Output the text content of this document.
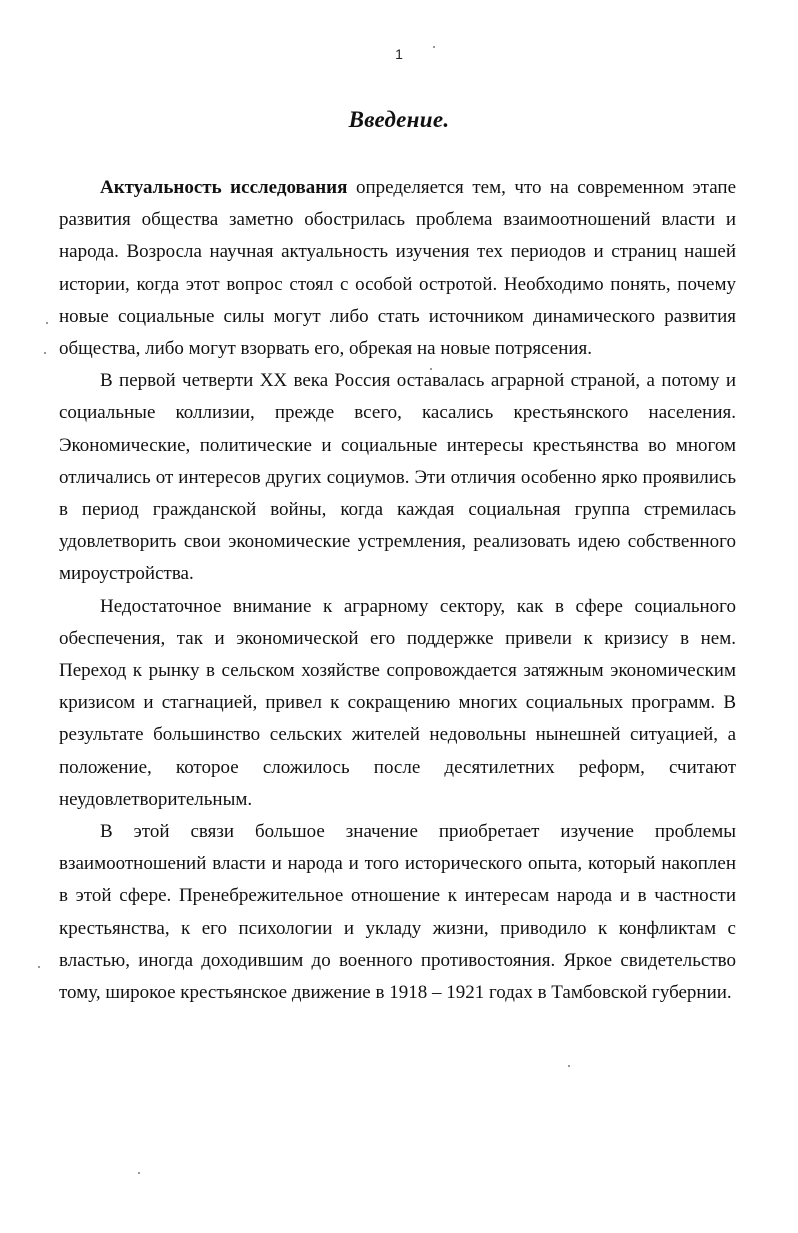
1
Введение.

Актуальность исследования определяется тем, что на современном этапе развития общества заметно обострилась проблема взаимоотношений власти и народа. Возросла научная актуальность изучения тех периодов и страниц нашей истории, когда этот вопрос стоял с особой остротой. Необходимо понять, почему новые социальные силы могут либо стать источником динамического развития общества, либо могут взорвать его, обрекая на новые потрясения.

В первой четверти XX века Россия оставалась аграрной страной, а потому и социальные коллизии, прежде всего, касались крестьянского населения. Экономические, политические и социальные интересы крестьянства во многом отличались от интересов других социумов. Эти отличия особенно ярко проявились в период гражданской войны, когда каждая социальная группа стремилась удовлетворить свои экономические устремления, реализовать идею собственного мироустройства.

Недостаточное внимание к аграрному сектору, как в сфере социального обеспечения, так и экономической его поддержке привели к кризису в нем. Переход к рынку в сельском хозяйстве сопровождается затяжным экономическим кризисом и стагнацией, привел к сокращению многих социальных программ. В результате большинство сельских жителей недовольны нынешней ситуацией, а положение, которое сложилось после десятилетних реформ, считают неудовлетворительным.

В этой связи большое значение приобретает изучение проблемы взаимоотношений власти и народа и того исторического опыта, который накоплен в этой сфере. Пренебрежительное отношение к интересам народа и в частности крестьянства, к его психологии и укладу жизни, приводило к конфликтам с властью, иногда доходившим до военного противостояния. Яркое свидетельство тому, широкое крестьянское движение в 1918 – 1921 годах в Тамбовской губернии.
